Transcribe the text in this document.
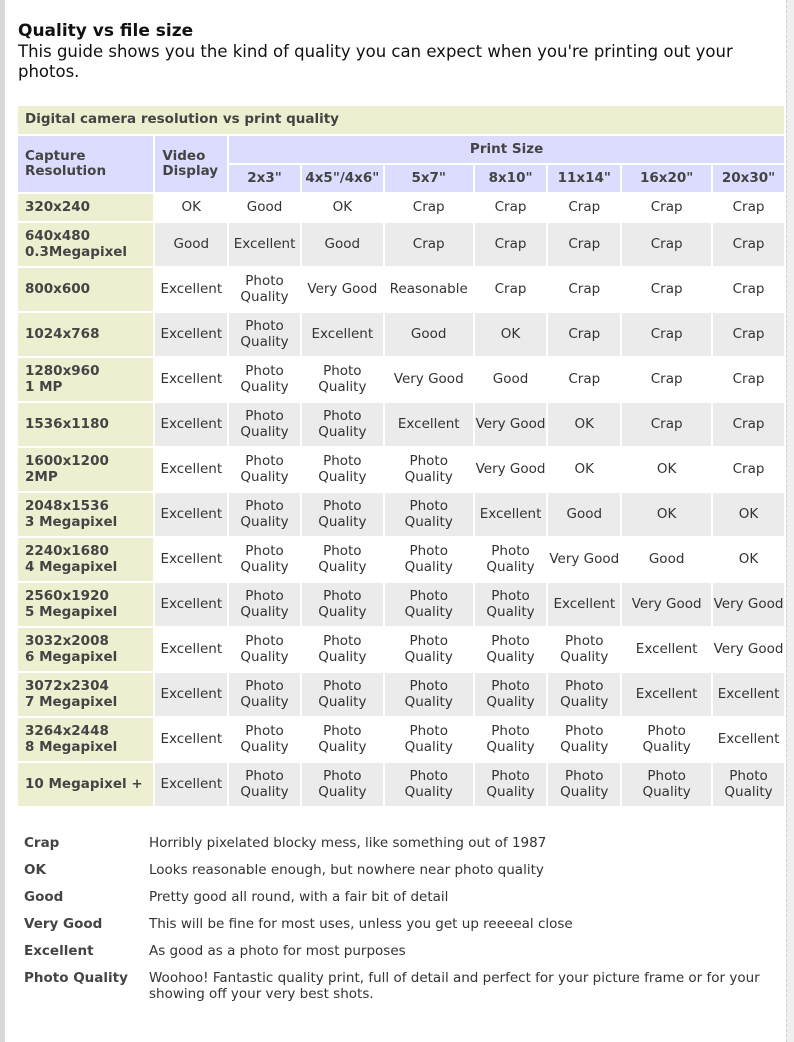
Quality vs file size

This guide shows you the kind of quality you can expect when you're printing out your photos.

Digital camera resolution vs print quality								
Capture Resolution	Video Display	Print Size						
		2x3"	4x5"/4x6"	5x7"	8x10"	11x14"	16x20"	20x30"
320x240	OK	Good	OK	Crap	Crap	Crap	Crap	Crap
640x480
0.3Megapixel	Good	Excellent	Good	Crap	Crap	Crap	Crap	Crap
800x600	Excellent	Photo Quality	Very Good	Reasonable	Crap	Crap	Crap	Crap
1024x768	Excellent	Photo Quality	Excellent	Good	OK	Crap	Crap	Crap
1280x960
1 MP	Excellent	Photo Quality	Photo Quality	Very Good	Good	Crap	Crap	Crap
1536x1180	Excellent	Photo Quality	Photo Quality	Excellent	Very Good	OK	Crap	Crap
1600x1200
2MP	Excellent	Photo Quality	Photo Quality	Photo Quality	Very Good	OK	OK	Crap
2048x1536
3 Megapixel	Excellent	Photo Quality	Photo Quality	Photo Quality	Excellent	Good	OK	OK
2240x1680
4 Megapixel	Excellent	Photo Quality	Photo Quality	Photo Quality	Photo Quality	Very Good	Good	OK
2560x1920
5 Megapixel	Excellent	Photo Quality	Photo Quality	Photo Quality	Photo Quality	Excellent	Very Good	Very Good
3032x2008
6 Megapixel	Excellent	Photo Quality	Photo Quality	Photo Quality	Photo Quality	Photo Quality	Excellent	Very Good
3072x2304
7 Megapixel	Excellent	Photo Quality	Photo Quality	Photo Quality	Photo Quality	Photo Quality	Excellent	Excellent
3264x2448
8 Megapixel	Excellent	Photo Quality	Photo Quality	Photo Quality	Photo Quality	Photo Quality	Photo Quality	Excellent
10 Megapixel +	Excellent	Photo Quality	Photo Quality	Photo Quality	Photo Quality	Photo Quality	Photo Quality	Photo Quality
Crap	Horribly pixelated blocky mess, like something out of 1987
OK	Looks reasonable enough, but nowhere near photo quality
Good	Pretty good all round, with a fair bit of detail
Very Good	This will be fine for most uses, unless you get up reeeeal close
Excellent	As good as a photo for most purposes
Photo Quality	Woohoo! Fantastic quality print, full of detail and perfect for your picture frame or for your showing off your very best shots.
